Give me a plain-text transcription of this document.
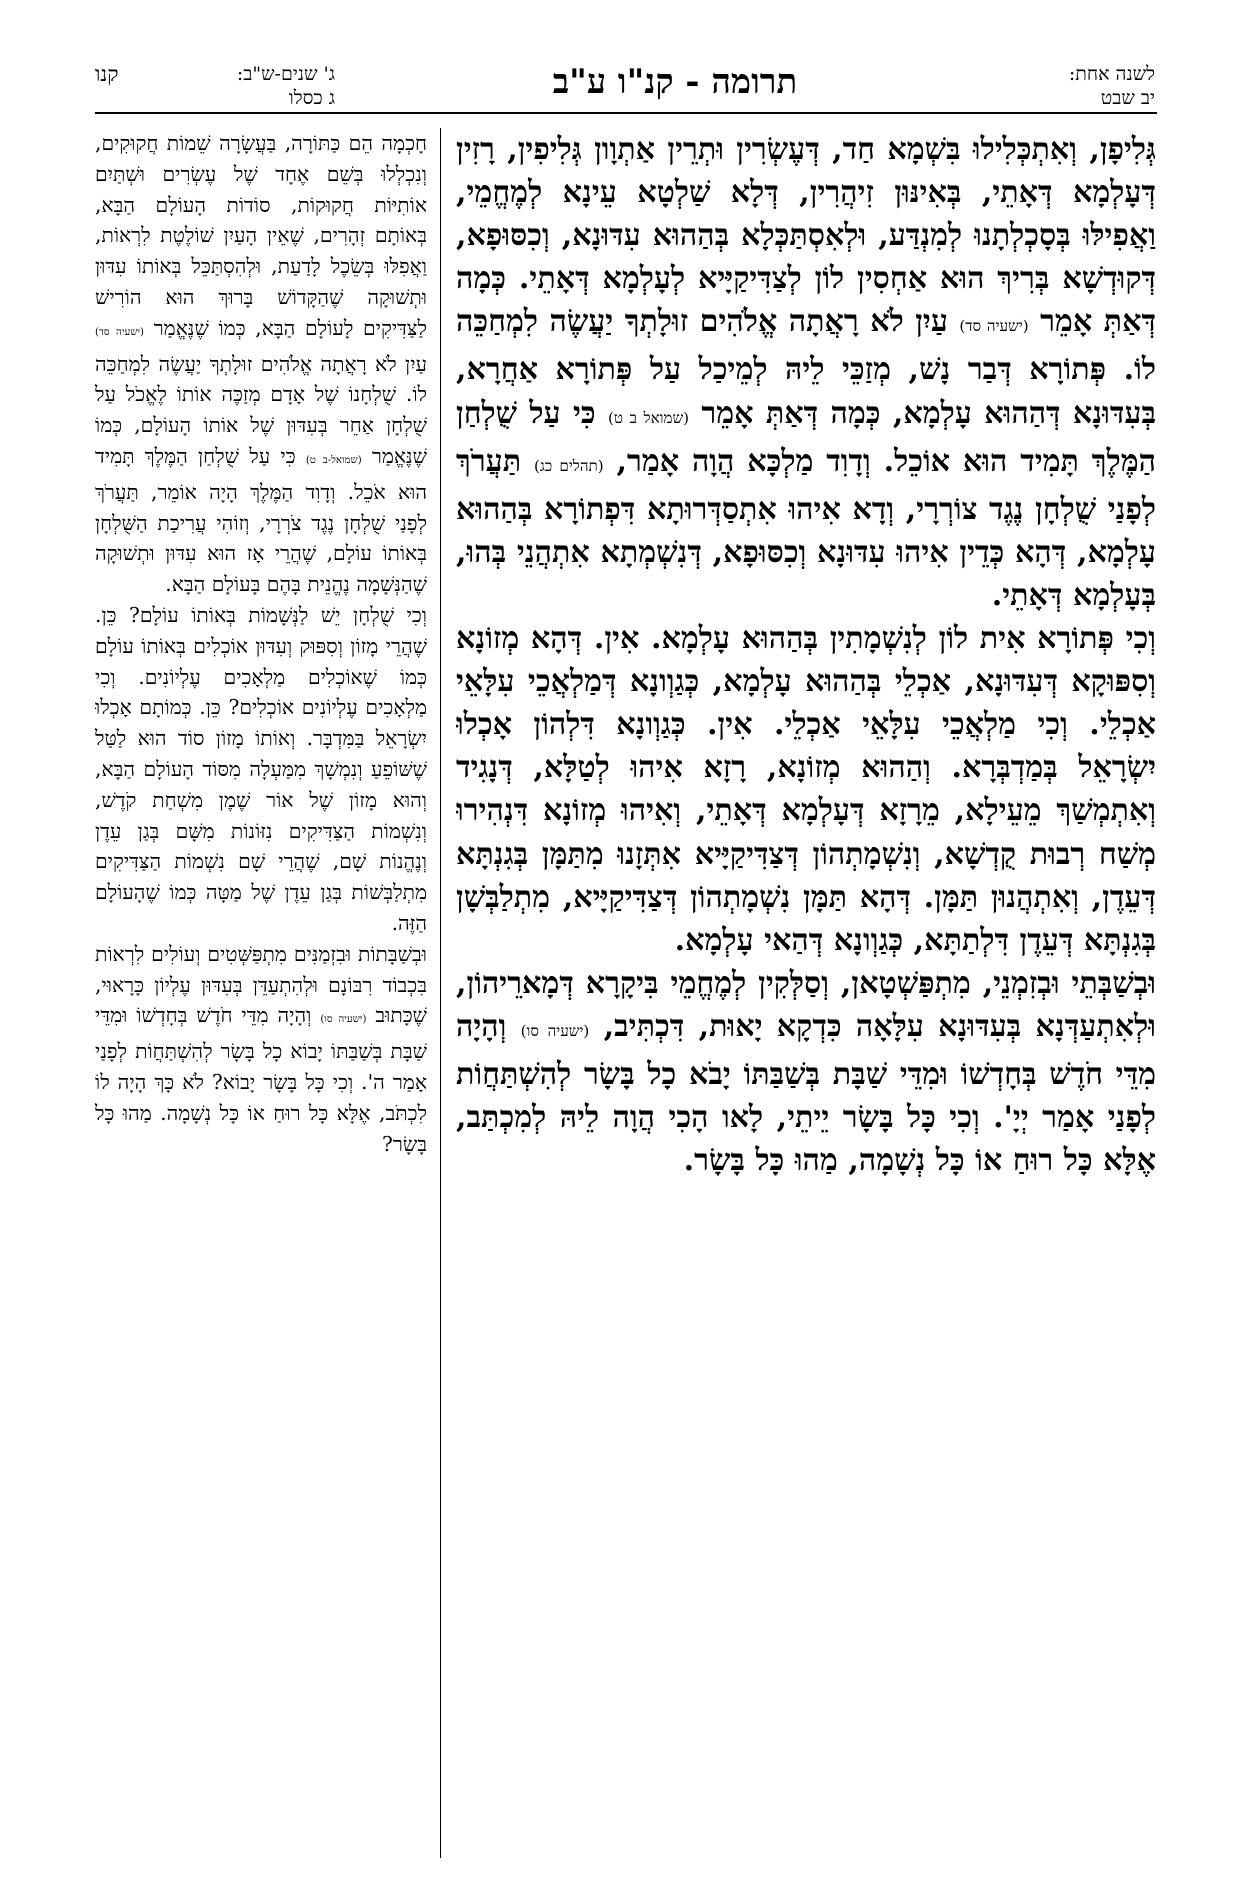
לשנה אחת:
יב שבט
תרומה - קנ"ו ע"ב
ג' שנים-ש"ב:
ג כסלו
קנו

גְּלִיפָן, וְאִתְכְּלִילוּ בִּשְׁמָא חַד, דְּעֶשְׂרִין וּתְרֵין אַתְוָון גְּלִיפִין, רָזִין דְּעָלְמָא דְּאָתֵי, בְּאִינּוּן זִיהֲרִין, דְּלָא שַׁלְטָא עֵינָא לְמֶחֱמֵי, וַאֲפִילּוּ בְּסָכְלְתָנוּ לְמִנְדַּע, וּלְאִסְתַּכְּלָא בְּהַהוּא עִדּוּנָא, וְכִסּוּפָא, דְּקוּדְשָׁא בְּרִיךְ הוּא אַחְסִין לוֹן לְצַדִּיקַיָּיא לְעָלְמָא דְּאָתֵי. כְּמָה דְּאַתְּ אָמֵר (ישעיה סד) עַיִן לֹא רָאֲתָה אֱלֹהִים זוּלָתְךָ יַעֲשֶׂה לִמְחַכֵּה לוֹ. פְּתוֹרָא דְּבַר נָשׁ, מְזַכֵּי לֵיהּ לְמֵיכַל עַל פְּתוֹרָא אַחֲרָא, בְּעִדּוּנָא דְּהַהוּא עָלְמָא, כְּמָה דְּאַתְּ אָמֵר (שמואל ב ט) כִּי עַל שֻׁלְחַן הַמֶּלֶךְ תָּמִיד הוּא אוֹכֵל. וְדָוִד מַלְכָּא הֲוָה אָמַר, (תהלים כג) תַּעֲרֹךְ לְפָנַי שֻׁלְחָן נֶגֶד צוֹרְרָי, וְדָא אִיהוּ אִתְסַדְּרוּתָא דִּפְתוֹרָא בְּהַהוּא עָלְמָא, דְּהָא כְּדֵין אִיהוּ עִדּוּנָא וְכִסּוּפָא, דְּנִשְׁמְתָא אִתְהֲנֵי בְּהוּ, בְּעָלְמָא דְּאָתֵי.

וְכִי פְּתוֹרָא אִית לוֹן לְנִשְׁמָתִין בְּהַהוּא עָלְמָא. אִין. דְּהָא מְזוֹנָא וְסִפּוּקָא דְּעִדּוּנָא, אַכְלֵי בְּהַהוּא עָלְמָא, כְּגַוְונָא דְּמַלְאֲכֵי עִלָּאֵי אַכְלֵי. וְכִי מַלְאֲכֵי עִלָּאֵי אַכְלֵי. אִין. כְּגַוְונָא דִּלְהוֹן אָכְלוּ יִשְׂרָאֵל בְּמַדְבְּרָא. וְהַהוּא מְזוֹנָא, רָזָא אִיהוּ לְטַלָּא, דְּנָגִיד וְאִתְמְשַׁךְ מֵעֵילָא, מֵרָזָא דְּעָלְמָא דְּאָתֵי, וְאִיהוּ מְזוֹנָא דִּנְהִירוּ מְשַׁח רְבוּת קֻדְשָׁא, וְנִשְׁמָתְהוֹן דְּצַדִּיקַיָּיא אִתְּזָנוּ מִתַּמָּן בְּגִנְתָּא דְּעֵדֶן, וְאִתְהֲנוּן תַּמָּן. דְּהָא תַּמָּן נִשְׁמָתְהוֹן דְּצַדִּיקַיָּיא, מִתְלַבְּשָׁן בְּגִנְתָּא דְּעֵדֶן דִּלְתַתָּא, כְּגַוְונָא דְּהַאי עָלְמָא.

וּבְשַׁבְּתֵי וּבְזִמְנֵי, מִתְפַּשְׁטָאן, וְסַלְּקִין לְמֶחֱמֵי בִּיקָרָא דְּמָארֵיהוֹן, וּלְאִתְעַדְּנָא בְּעִדּוּנָא עִלָּאָה כִּדְקָא יָאוּת, דִּכְתִּיב, (ישעיה סו) וְהָיָה מִדֵּי חֹדֶשׁ בְּחָדְשׁוֹ וּמִדֵּי שַׁבָּת בְּשַׁבַּתּוֹ יָבֹא כָל בָּשָׂר לְהִשְׁתַּחֲוֹת לְפָנַי אָמַר יְיָ'. וְכִי כָּל בָּשָׂר יֵיתֵי, לָאו הָכִי הֲוָה לֵיהּ לְמִכְתַּב, אֶלָּא כָּל רוּחַ אוֹ כָּל נְשָׁמָה, מַהוּ כָּל בָּשָׂר.

חָכְמָה הֵם כַּתּוֹרָה, בַּעֲשָׂרָה שֵׁמוֹת חֲקוּקִים, וְנִכְלְלוּ בְּשֵׁם אֶחָד שֶׁל עֶשְׂרִים וּשְׁתַּיִם אוֹתִיּוֹת חֲקוּקוֹת, סוֹדוֹת הָעוֹלָם הַבָּא, בְּאוֹתָם זְהָרִים, שֶׁאֵין הָעַיִן שׁוֹלֶטֶת לִרְאוֹת, וַאֲפִלּוּ בְּשֵׂכֶל לָדַעַת, וּלְהִסְתַּכֵּל בְּאוֹתוֹ עִדּוּן וּתְשׁוּקָה שֶׁהַקָּדוֹשׁ בָּרוּךְ הוּא הוֹרִישׁ לַצַּדִּיקִים לָעוֹלָם הַבָּא, כְּמוֹ שֶׁנֶּאֱמַר (ישעיה סד) עַיִן לֹא רָאֲתָה אֱלֹהִים זוּלָתְךָ יַעֲשֶׂה לִמְחַכֵּה לוֹ. שֻׁלְחָנוֹ שֶׁל אָדָם מְזַכֶּה אוֹתוֹ לֶאֱכֹל עַל שֻׁלְחָן אַחֵר בְּעִדּוּן שֶׁל אוֹתוֹ הָעוֹלָם, כְּמוֹ שֶׁנֶּאֱמַר (שמואל-ב ט) כִּי עַל שֻׁלְחַן הַמֶּלֶךְ תָּמִיד הוּא אֹכֵל. וְדָוִד הַמֶּלֶךְ הָיָה אוֹמֵר, תַּעֲרֹךְ לְפָנַי שֻׁלְחָן נֶגֶד צֹרְרָי, וְזוֹהִי עֲרִיכַת הַשֻּׁלְחָן בְּאוֹתוֹ עוֹלָם, שֶׁהֲרֵי אָז הוּא עִדּוּן וּתְשׁוּקָה שֶׁהַנְּשָׁמָה נֶהֱנֵית בָּהֶם בָּעוֹלָם הַבָּא.

וְכִי שֻׁלְחָן יֵשׁ לַנְּשָׁמוֹת בְּאוֹתוֹ עוֹלָם? כֵּן. שֶׁהֲרֵי מָזוֹן וְסִפּוּק וְעִדּוּן אוֹכְלִים בְּאוֹתוֹ עוֹלָם כְּמוֹ שֶׁאוֹכְלִים מַלְאָכִים עֶלְיוֹנִים. וְכִי מַלְאָכִים עֶלְיוֹנִים אוֹכְלִים? כֵּן. כְּמוֹתָם אָכְלוּ יִשְׂרָאֵל בַּמִּדְבָּר. וְאוֹתוֹ מָזוֹן סוֹד הוּא לַטַּל שֶׁשּׁוֹפֵעַ וְנִמְשָׁךְ מִמַּעְלָה מִסּוֹד הָעוֹלָם הַבָּא, וְהוּא מָזוֹן שֶׁל אוֹר שֶׁמֶן מִשְׁחַת קֹדֶשׁ, וְנִשְׁמוֹת הַצַּדִּיקִים נִזּוֹנוֹת מִשָּׁם בְּגַן עֵדֶן וְנֶהֱנוֹת שָׁם, שֶׁהֲרֵי שָׁם נִשְׁמוֹת הַצַּדִּיקִים מִתְלַבְּשׁוֹת בְּגַן עֵדֶן שֶׁל מַטָּה כְּמוֹ שֶׁהָעוֹלָם הַזֶּה.

וּבְשַׁבָּתוֹת וּבִזְמַנִּים מִתְפַּשְּׁטִים וְעוֹלִים לִרְאוֹת בִּכְבוֹד רִבּוֹנָם וּלְהִתְעַדֵּן בְּעִדּוּן עֶלְיוֹן כָּרָאוּי, שֶׁכָּתוּב (ישעיה סו) וְהָיָה מִדֵּי חֹדֶשׁ בְּחָדְשׁוֹ וּמִדֵּי שַׁבָּת בְּשַׁבַּתּוֹ יָבוֹא כָל בָּשָׂר לְהִשְׁתַּחֲוֹת לְפָנַי אָמַר ה'. וְכִי כָּל בָּשָׂר יָבוֹא? לֹא כָּךְ הָיָה לוֹ לִכְתֹּב, אֶלָּא כָּל רוּחַ אוֹ כָּל נְשָׁמָה. מַהוּ כָּל בָּשָׂר?
